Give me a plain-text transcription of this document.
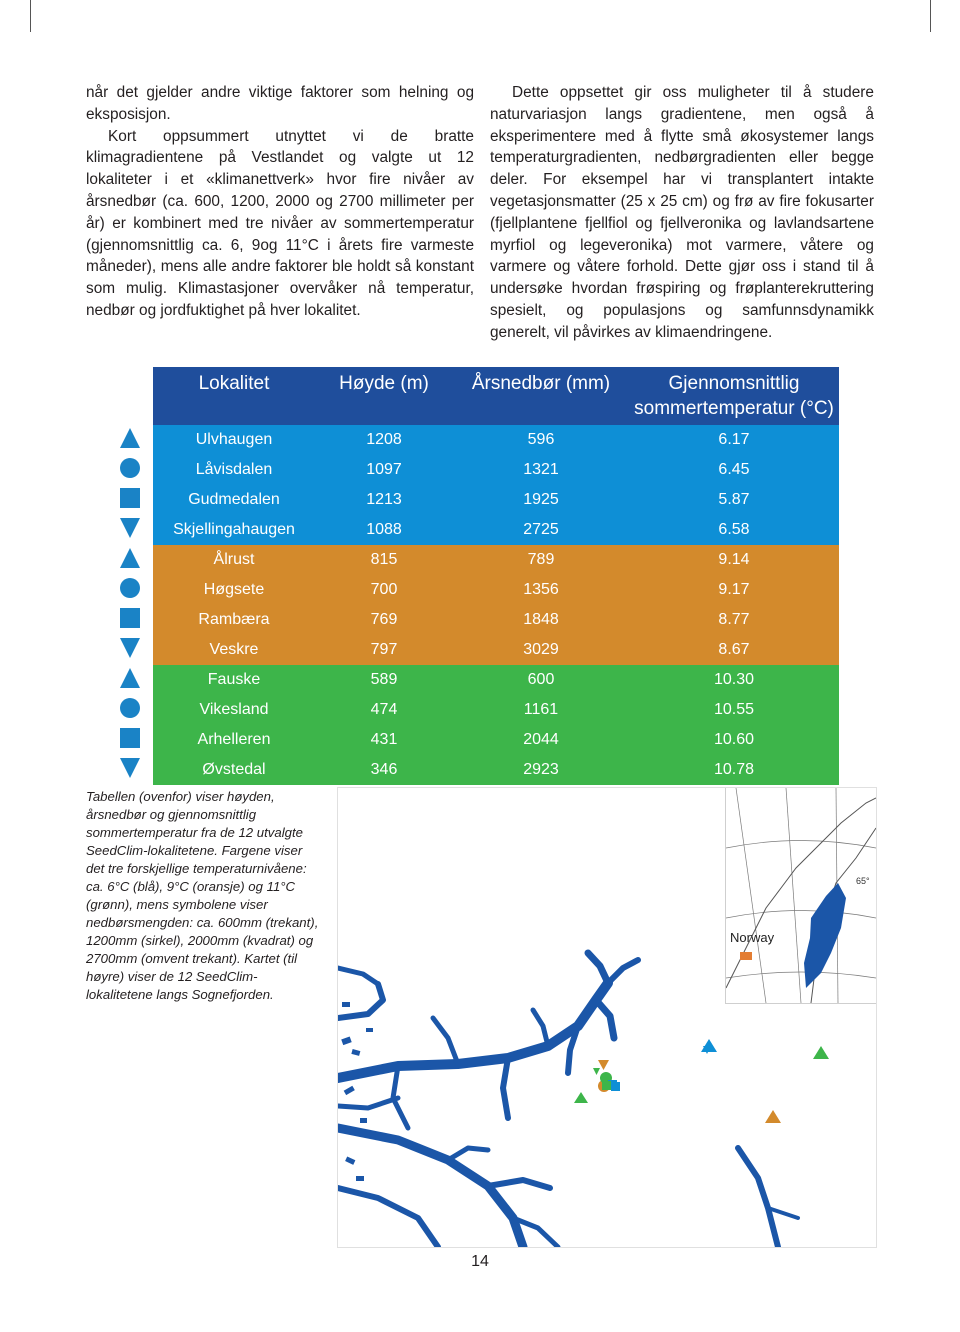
når det gjelder andre viktige faktorer som helning og eksposisjon.

Kort oppsummert utnyttet vi de bratte klimagradientene på Vestlandet og valgte ut 12 lokaliteter i et «klimanettverk» hvor fire nivåer av årsnedbør (ca. 600, 1200, 2000 og 2700 millimeter per år) er kombinert med tre nivåer av sommertemperatur (gjennomsnittlig ca. 6, 9og 11°C i årets fire varmeste måneder), mens alle andre faktorer ble holdt så konstant som mulig. Klimastasjoner overvåker nå temperatur, nedbør og jordfuktighet på hver lokalitet.

Dette oppsettet gir oss muligheter til å studere naturvariasjon langs gradientene, men også å eksperimentere med å flytte små økosystemer langs temperaturgradienten, nedbørgradienten eller begge deler. For eksempel har vi transplantert intakte vegetasjonsmatter (25 x 25 cm) og frø av fire fokusarter (fjellplantene fjellfiol og fjellveronika og lavlandsartene myrfiol og legeveronika) mot varmere, våtere og varmere og våtere forhold. Dette gjør oss i stand til å undersøke hvordan frøspiring og frøplanterekruttering spesielt, og populasjons og samfunnsdynamikk generelt, vil påvirkes av klimaendringene.

Lokalitet	Høyde (m)	Årsnedbør (mm)	Gjennomsnittlig sommertemperatur (°C)
Ulvhaugen	1208	596	6.17
Låvisdalen	1097	1321	6.45
Gudmedalen	1213	1925	5.87
Skjellingahaugen	1088	2725	6.58
Ålrust	815	789	9.14
Høgsete	700	1356	9.17
Rambæra	769	1848	8.77
Veskre	797	3029	8.67
Fauske	589	600	10.30
Vikesland	474	1161	10.55
Arhelleren	431	2044	10.60
Øvstedal	346	2923	10.78
Tabellen (ovenfor) viser høyden, årsnedbør og gjennomsnittlig sommertemperatur fra de 12 utvalgte SeedClim-lokalitetene. Fargene viser det tre forskjellige temperaturnivåene: ca. 6°C (blå), 9°C (oransje) og 11°C (grønn), mens symbolene viser nedbørsmengden: ca. 600mm (trekant), 1200mm (sirkel), 2000mm (kvadrat) og 2700mm (omvent trekant). Kartet (til høyre) viser de 12 SeedClim-lokalitetene langs Sognefjorden.
65°
Norway
14
